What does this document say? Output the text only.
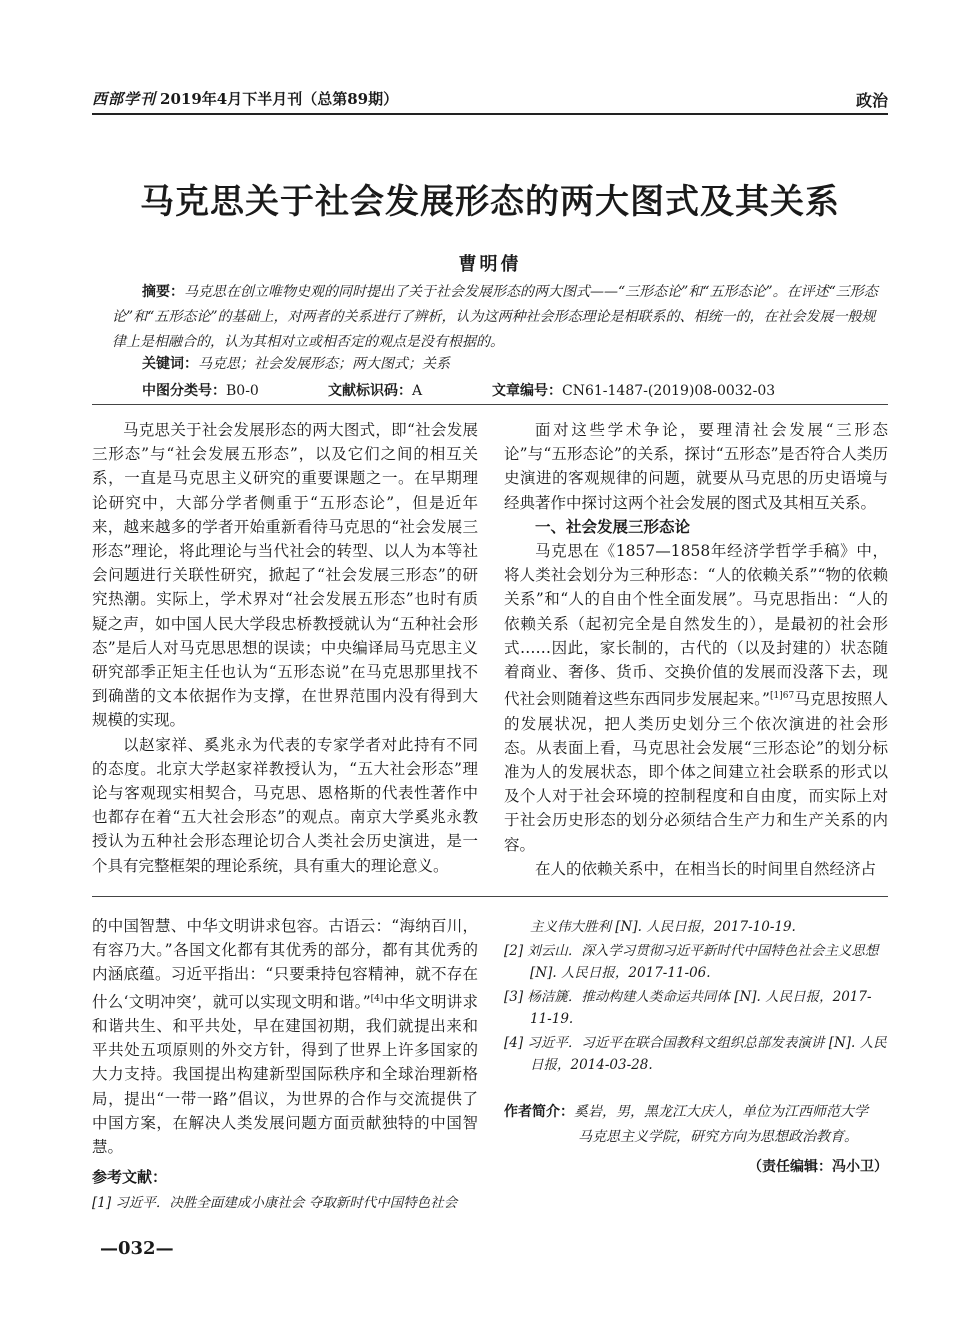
西部学刊 2019年4月下半月刊（总第89期）	政治
马克思关于社会发展形态的两大图式及其关系
曹明倩
摘要：马克思在创立唯物史观的同时提出了关于社会发展形态的两大图式——“三形态论”和“五形态论”。在评述“三形态论”和“五形态论”的基础上，对两者的关系进行了辨析，认为这两种社会形态理论是相联系的、相统一的，在社会发展一般规律上是相融合的，认为其相对立或相否定的观点是没有根据的。
关键词：马克思；社会发展形态；两大图式；关系
中图分类号：B0-0	文献标识码：A	文章编号：CN61-1487-(2019)08-0032-03

马克思关于社会发展形态的两大图式，即“社会发展三形态”与“社会发展五形态”，以及它们之间的相互关系，一直是马克思主义研究的重要课题之一。在早期理论研究中，大部分学者侧重于“五形态论”，但是近年来，越来越多的学者开始重新看待马克思的“社会发展三形态”理论，将此理论与当代社会的转型、以人为本等社会问题进行关联性研究，掀起了“社会发展三形态”的研究热潮。实际上，学术界对“社会发展五形态”也时有质疑之声，如中国人民大学段忠桥教授就认为“五种社会形态”是后人对马克思思想的误读；中央编译局马克思主义研究部季正矩主任也认为“五形态说”在马克思那里找不到确凿的文本依据作为支撑，在世界范围内没有得到大规模的实现。

以赵家祥、奚兆永为代表的专家学者对此持有不同的态度。北京大学赵家祥教授认为，“五大社会形态”理论与客观现实相契合，马克思、恩格斯的代表性著作中也都存在着“五大社会形态”的观点。南京大学奚兆永教授认为五种社会形态理论切合人类社会历史演进，是一个具有完整框架的理论系统，具有重大的理论意义。

面对这些学术争论，要理清社会发展“三形态论”与“五形态论”的关系，探讨“五形态”是否符合人类历史演进的客观规律的问题，就要从马克思的历史语境与经典著作中探讨这两个社会发展的图式及其相互关系。

一、社会发展三形态论

马克思在《1857—1858年经济学哲学手稿》中，将人类社会划分为三种形态：“人的依赖关系”“物的依赖关系”和“人的自由个性全面发展”。马克思指出：“人的依赖关系（起初完全是自然发生的），是最初的社会形式……因此，家长制的，古代的（以及封建的）状态随着商业、奢侈、货币、交换价值的发展而没落下去，现代社会则随着这些东西同步发展起来。”$^{[1]67}$马克思按照人的发展状况，把人类历史划分三个依次演进的社会形态。从表面上看，马克思社会发展“三形态论”的划分标准为人的发展状态，即个体之间建立社会联系的形式以及个人对于社会环境的控制程度和自由度，而实际上对于社会历史形态的划分必须结合生产力和生产关系的内容。

在人的依赖关系中，在相当长的时间里自然经济占

的中国智慧、中华文明讲求包容。古语云：“海纳百川，有容乃大。”各国文化都有其优秀的部分，都有其优秀的内涵底蕴。习近平指出：“只要秉持包容精神，就不存在什么‘文明冲突’，就可以实现文明和谐。”[4]中华文明讲求和谐共生、和平共处，早在建国初期，我们就提出来和平共处五项原则的外交方针，得到了世界上许多国家的大力支持。我国提出构建新型国际秩序和全球治理新格局，提出“一带一路”倡议，为世界的合作与交流提供了中国方案，在解决人类发展问题方面贡献独特的中国智慧。

参考文献：
[1] 习近平．决胜全面建成小康社会 夺取新时代中国特色社会

主义伟大胜利 [N]. 人民日报，2017-10-19.

[2] 刘云山．深入学习贯彻习近平新时代中国特色社会主义思想 [N]. 人民日报，2017-11-06.

[3] 杨洁篪．推动构建人类命运共同体 [N]. 人民日报，2017-11-19.

[4] 习近平．习近平在联合国教科文组织总部发表演讲 [N]. 人民日报，2014-03-28.

作者简介：奚岩，男，黑龙江大庆人，单位为江西师范大学
马克思主义学院，研究方向为思想政治教育。
（责任编辑：冯小卫）
—032—
